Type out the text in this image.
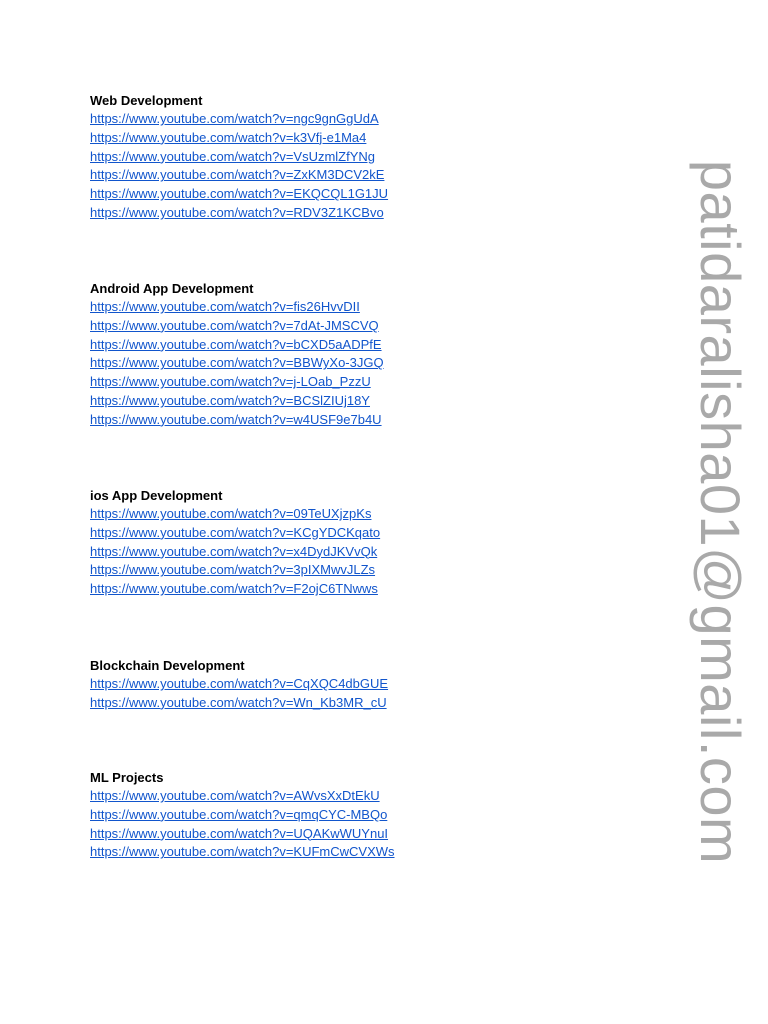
Web Development
https://www.youtube.com/watch?v=ngc9gnGgUdA
https://www.youtube.com/watch?v=k3Vfj-e1Ma4
https://www.youtube.com/watch?v=VsUzmlZfYNg
https://www.youtube.com/watch?v=ZxKM3DCV2kE
https://www.youtube.com/watch?v=EKQCQL1G1JU
https://www.youtube.com/watch?v=RDV3Z1KCBvo
Android App Development
https://www.youtube.com/watch?v=fis26HvvDII
https://www.youtube.com/watch?v=7dAt-JMSCVQ
https://www.youtube.com/watch?v=bCXD5aADPfE
https://www.youtube.com/watch?v=BBWyXo-3JGQ
https://www.youtube.com/watch?v=j-LOab_PzzU
https://www.youtube.com/watch?v=BCSlZIUj18Y
https://www.youtube.com/watch?v=w4USF9e7b4U
ios App Development
https://www.youtube.com/watch?v=09TeUXjzpKs
https://www.youtube.com/watch?v=KCgYDCKqato
https://www.youtube.com/watch?v=x4DydJKVvQk
https://www.youtube.com/watch?v=3pIXMwvJLZs
https://www.youtube.com/watch?v=F2ojC6TNwws
Blockchain Development
https://www.youtube.com/watch?v=CqXQC4dbGUE
https://www.youtube.com/watch?v=Wn_Kb3MR_cU
ML Projects
https://www.youtube.com/watch?v=AWvsXxDtEkU
https://www.youtube.com/watch?v=qmqCYC-MBQo
https://www.youtube.com/watch?v=UQAKwWUYnuI
https://www.youtube.com/watch?v=KUFmCwCVXWs	patidaralisha01@gmail.com
